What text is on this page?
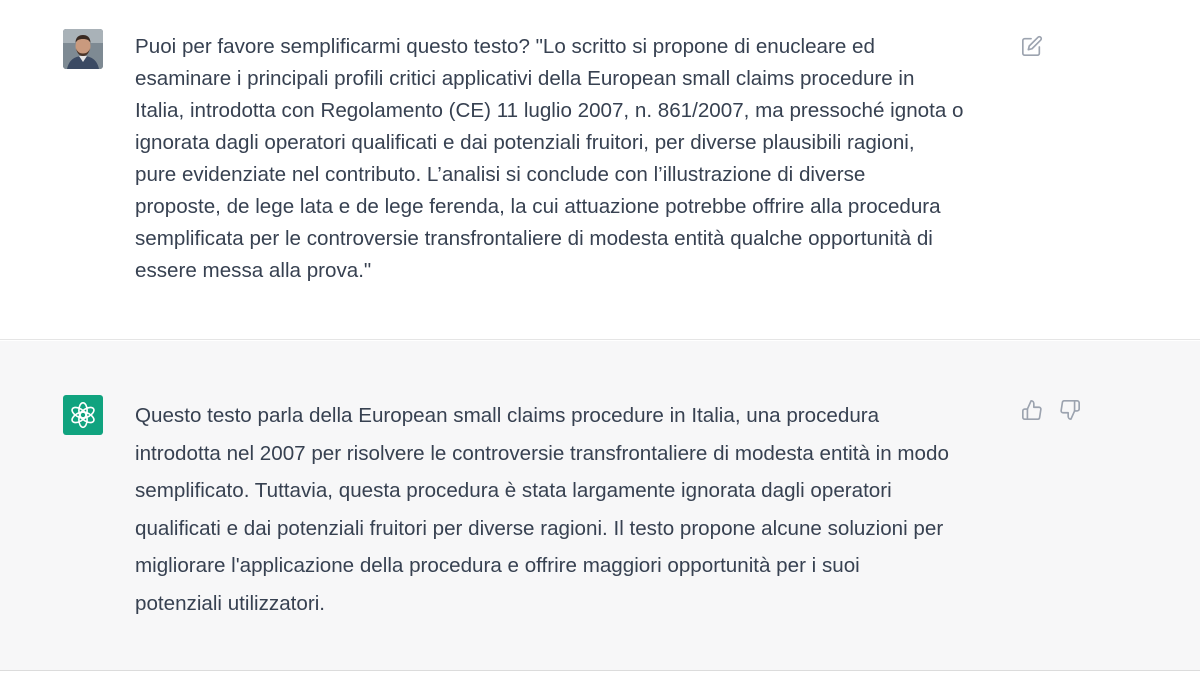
Puoi per favore semplificarmi questo testo? "Lo scritto si propone di enucleare ed
esaminare i principali profili critici applicativi della European small claims procedure in
Italia, introdotta con Regolamento (CE) 11 luglio 2007, n. 861/2007, ma pressoché ignota o
ignorata dagli operatori qualificati e dai potenziali fruitori, per diverse plausibili ragioni,
pure evidenziate nel contributo. L’analisi si conclude con l’illustrazione di diverse
proposte, de lege lata e de lege ferenda, la cui attuazione potrebbe offrire alla procedura
semplificata per le controversie transfrontaliere di modesta entità qualche opportunità di
essere messa alla prova."
Questo testo parla della European small claims procedure in Italia, una procedura
introdotta nel 2007 per risolvere le controversie transfrontaliere di modesta entità in modo
semplificato. Tuttavia, questa procedura è stata largamente ignorata dagli operatori
qualificati e dai potenziali fruitori per diverse ragioni. Il testo propone alcune soluzioni per
migliorare l'applicazione della procedura e offrire maggiori opportunità per i suoi
potenziali utilizzatori.
